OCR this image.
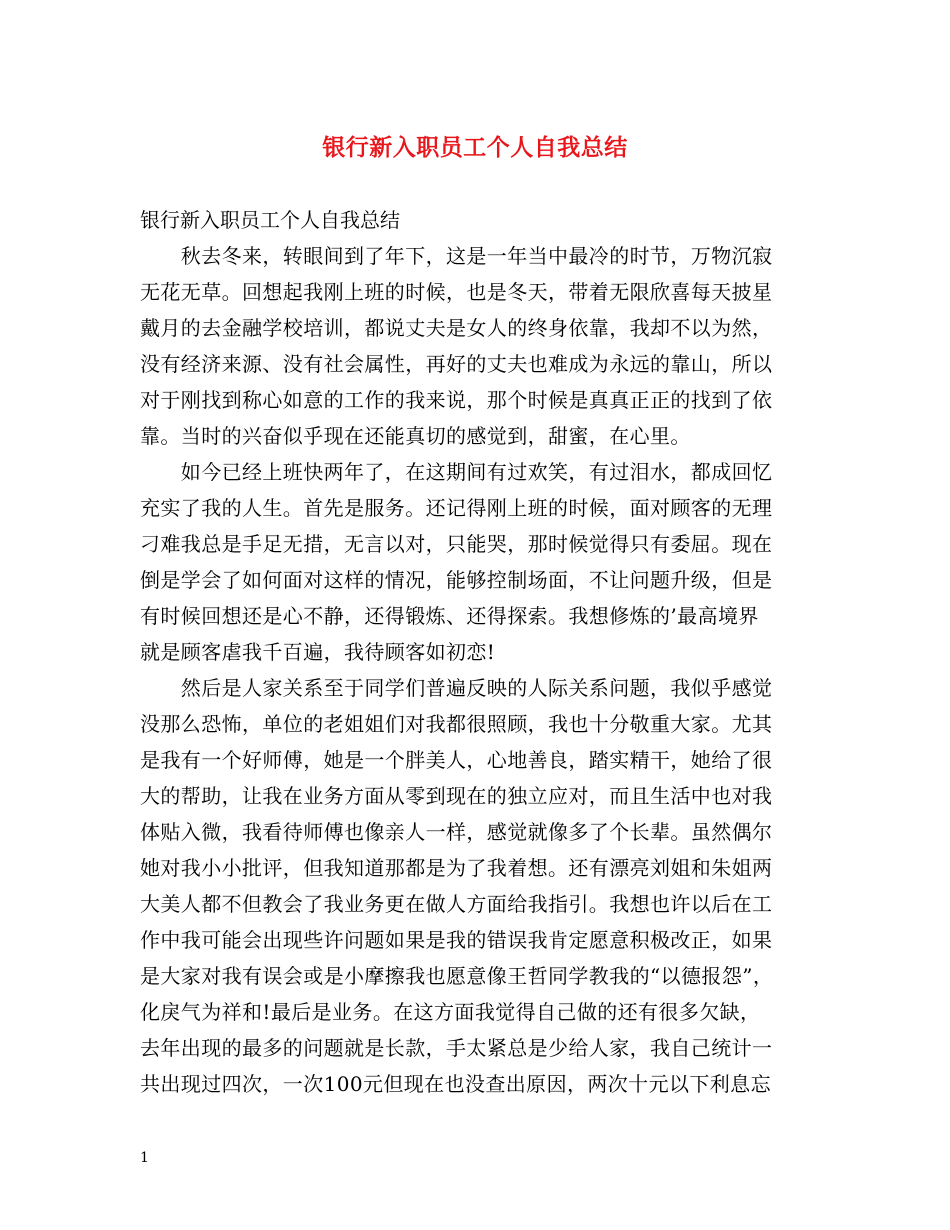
银行新入职员工个人自我总结
银行新入职员工个人自我总结
　　秋去冬来，转眼间到了年下，这是一年当中最冷的时节，万物沉寂
无花无草。回想起我刚上班的时候，也是冬天，带着无限欣喜每天披星
戴月的去金融学校培训，都说丈夫是女人的终身依靠，我却不以为然，
没有经济来源、没有社会属性，再好的丈夫也难成为永远的靠山，所以
对于刚找到称心如意的工作的我来说，那个时候是真真正正的找到了依
靠。当时的兴奋似乎现在还能真切的感觉到，甜蜜，在心里。
　　如今已经上班快两年了，在这期间有过欢笑，有过泪水，都成回忆
充实了我的人生。首先是服务。还记得刚上班的时候，面对顾客的无理
刁难我总是手足无措，无言以对，只能哭，那时候觉得只有委屈。现在
倒是学会了如何面对这样的情况，能够控制场面，不让问题升级，但是
有时候回想还是心不静，还得锻炼、还得探索。我想修炼的’最高境界
就是顾客虐我千百遍，我待顾客如初恋!
　　然后是人家关系至于同学们普遍反映的人际关系问题，我似乎感觉
没那么恐怖，单位的老姐姐们对我都很照顾，我也十分敬重大家。尤其
是我有一个好师傅，她是一个胖美人，心地善良，踏实精干，她给了很
大的帮助，让我在业务方面从零到现在的独立应对，而且生活中也对我
体贴入微，我看待师傅也像亲人一样，感觉就像多了个长辈。虽然偶尔
她对我小小批评，但我知道那都是为了我着想。还有漂亮刘姐和朱姐两
大美人都不但教会了我业务更在做人方面给我指引。我想也许以后在工
作中我可能会出现些许问题如果是我的错误我肯定愿意积极改正，如果
是大家对我有误会或是小摩擦我也愿意像王哲同学教我的“以德报怨”，
化戾气为祥和!最后是业务。在这方面我觉得自己做的还有很多欠缺，
去年出现的最多的问题就是长款，手太紧总是少给人家，我自己统计一
共出现过四次，一次100元但现在也没查出原因，两次十元以下利息忘
1
